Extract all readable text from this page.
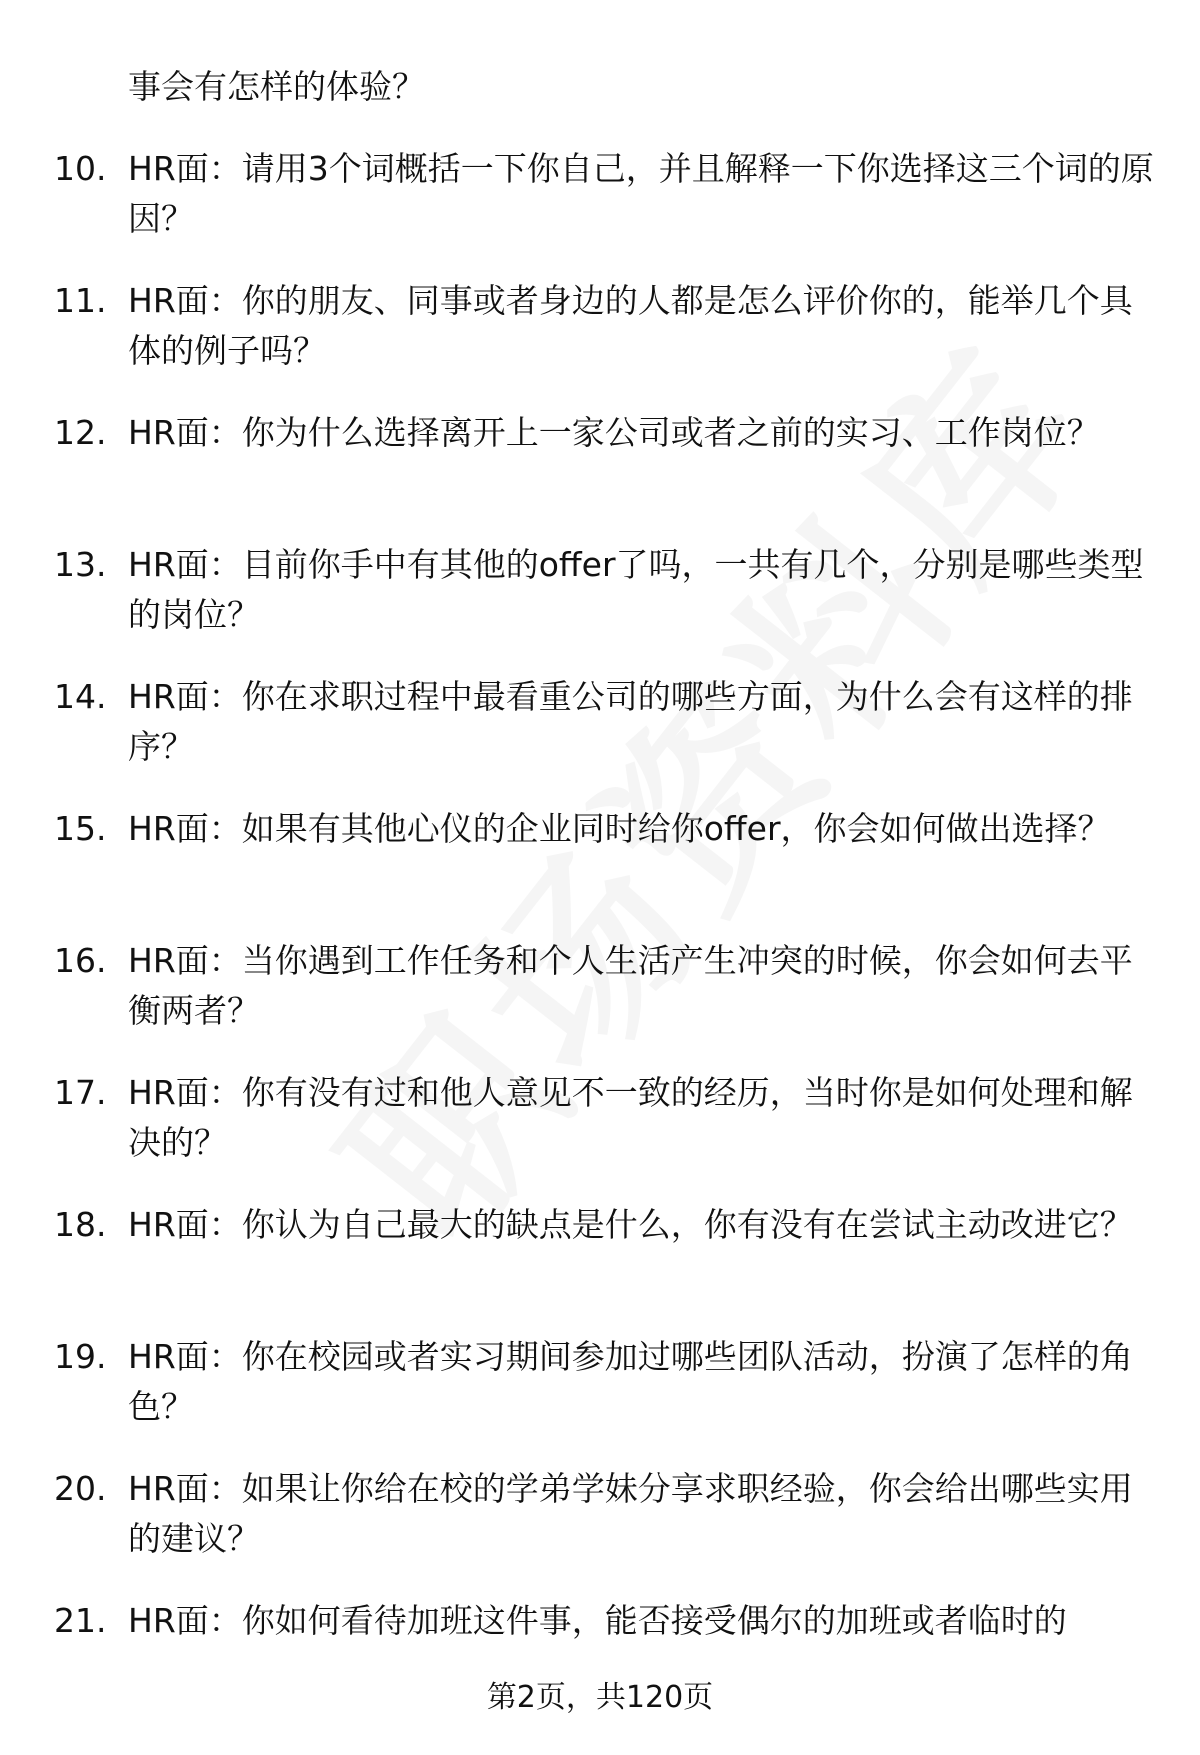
事会有怎样的体验？
10. HR面：请用3个词概括一下你自己，并且解释一下你选择这三个词的原因？
11. HR面：你的朋友、同事或者身边的人都是怎么评价你的，能举几个具体的例子吗？
12. HR面：你为什么选择离开上一家公司或者之前的实习、工作岗位？
13. HR面：目前你手中有其他的offer了吗，一共有几个，分别是哪些类型的岗位？
14. HR面：你在求职过程中最看重公司的哪些方面，为什么会有这样的排序？
15. HR面：如果有其他心仪的企业同时给你offer，你会如何做出选择？
16. HR面：当你遇到工作任务和个人生活产生冲突的时候，你会如何去平衡两者？
17. HR面：你有没有过和他人意见不一致的经历，当时你是如何处理和解决的？
18. HR面：你认为自己最大的缺点是什么，你有没有在尝试主动改进它？
19. HR面：你在校园或者实习期间参加过哪些团队活动，扮演了怎样的角色？
20. HR面：如果让你给在校的学弟学妹分享求职经验，你会给出哪些实用的建议？
21. HR面：你如何看待加班这件事，能否接受偶尔的加班或者临时的
第2页，共120页
